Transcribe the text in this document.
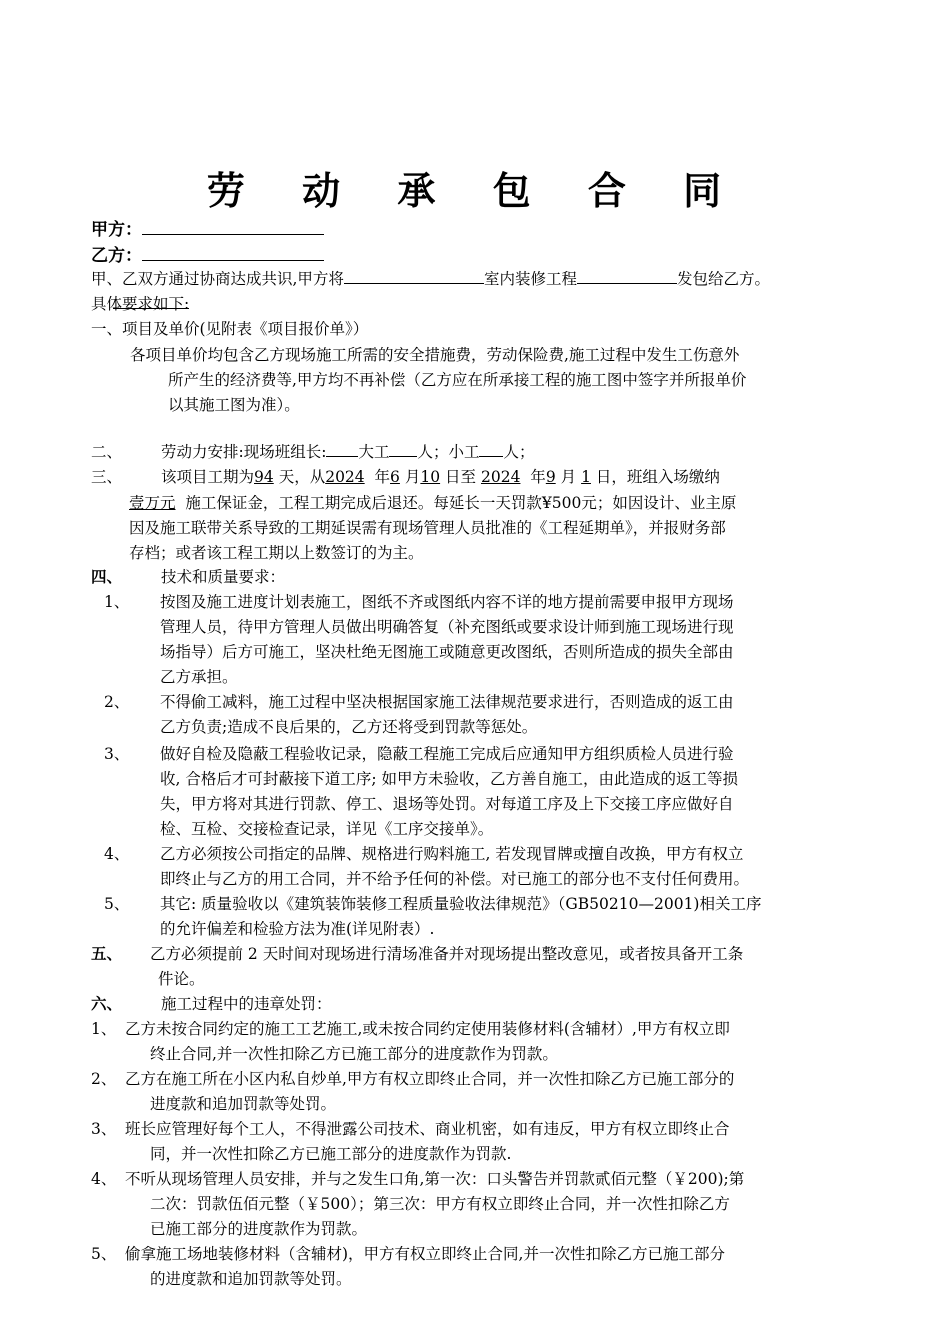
劳 动 承 包 合 同
甲方：
乙方：
甲、乙双方通过协商达成共识,甲方将	室内装修工程	发包给乙方。
具体要求如下:
一、项目及单价(见附表《项目报价单》）
各项目单价均包含乙方现场施工所需的安全措施费，劳动保险费,施工过程中发生工伤意外
所产生的经济费等,甲方均不再补偿（乙方应在所承接工程的施工图中签字并所报单价
以其施工图为准）。
二、	劳动力安排:现场班组长: 大工 人；小工 人；
三、	该项目工期为94 天，从2024 年6 月10 日至 2024 年9 月 1 日，班组入场缴纳
壹万元 施工保证金，工程工期完成后退还。每延长一天罚款¥500元；如因设计、业主原
因及施工联带关系导致的工期延误需有现场管理人员批准的《工程延期单》，并报财务部
存档；或者该工程工期以上数签订的为主。
四、	技术和质量要求：
1、 按图及施工进度计划表施工，图纸不齐或图纸内容不详的地方提前需要申报甲方现场
管理人员，待甲方管理人员做出明确答复（补充图纸或要求设计师到施工现场进行现
场指导）后方可施工，坚决杜绝无图施工或随意更改图纸，否则所造成的损失全部由
乙方承担。
2、 不得偷工减料，施工过程中坚决根据国家施工法律规范要求进行，否则造成的返工由
乙方负责;造成不良后果的，乙方还将受到罚款等惩处。
3、 做好自检及隐蔽工程验收记录，隐蔽工程施工完成后应通知甲方组织质检人员进行验
收, 合格后才可封蔽接下道工序; 如甲方未验收，乙方善自施工，由此造成的返工等损
失，甲方将对其进行罚款、停工、退场等处罚。对每道工序及上下交接工序应做好自
检、互检、交接检查记录，详见《工序交接单》。
4、 乙方必须按公司指定的品牌、规格进行购料施工, 若发现冒牌或擅自改换，甲方有权立
即终止与乙方的用工合同，并不给予任何的补偿。对已施工的部分也不支付任何费用。
5、 其它: 质量验收以《建筑装饰装修工程质量验收法律规范》（GB50210—2001)相关工序
的允许偏差和检验方法为准(详见附表）.
五、 乙方必须提前 2 天时间对现场进行清场准备并对现场提出整改意见，或者按具备开工条
件论。
六、	施工过程中的违章处罚：
1、 乙方未按合同约定的施工工艺施工,或未按合同约定使用装修材料(含辅材）,甲方有权立即
终止合同,并一次性扣除乙方已施工部分的进度款作为罚款。
2、 乙方在施工所在小区内私自炒单,甲方有权立即终止合同，并一次性扣除乙方已施工部分的
进度款和追加罚款等处罚。
3、 班长应管理好每个工人，不得泄露公司技术、商业机密，如有违反，甲方有权立即终止合
同，并一次性扣除乙方已施工部分的进度款作为罚款.
4、 不听从现场管理人员安排，并与之发生口角,第一次：口头警告并罚款贰佰元整（￥200);第
二次：罚款伍佰元整（￥500）；第三次：甲方有权立即终止合同，并一次性扣除乙方
已施工部分的进度款作为罚款。
5、 偷拿施工场地装修材料（含辅材)，甲方有权立即终止合同,并一次性扣除乙方已施工部分
的进度款和追加罚款等处罚。
